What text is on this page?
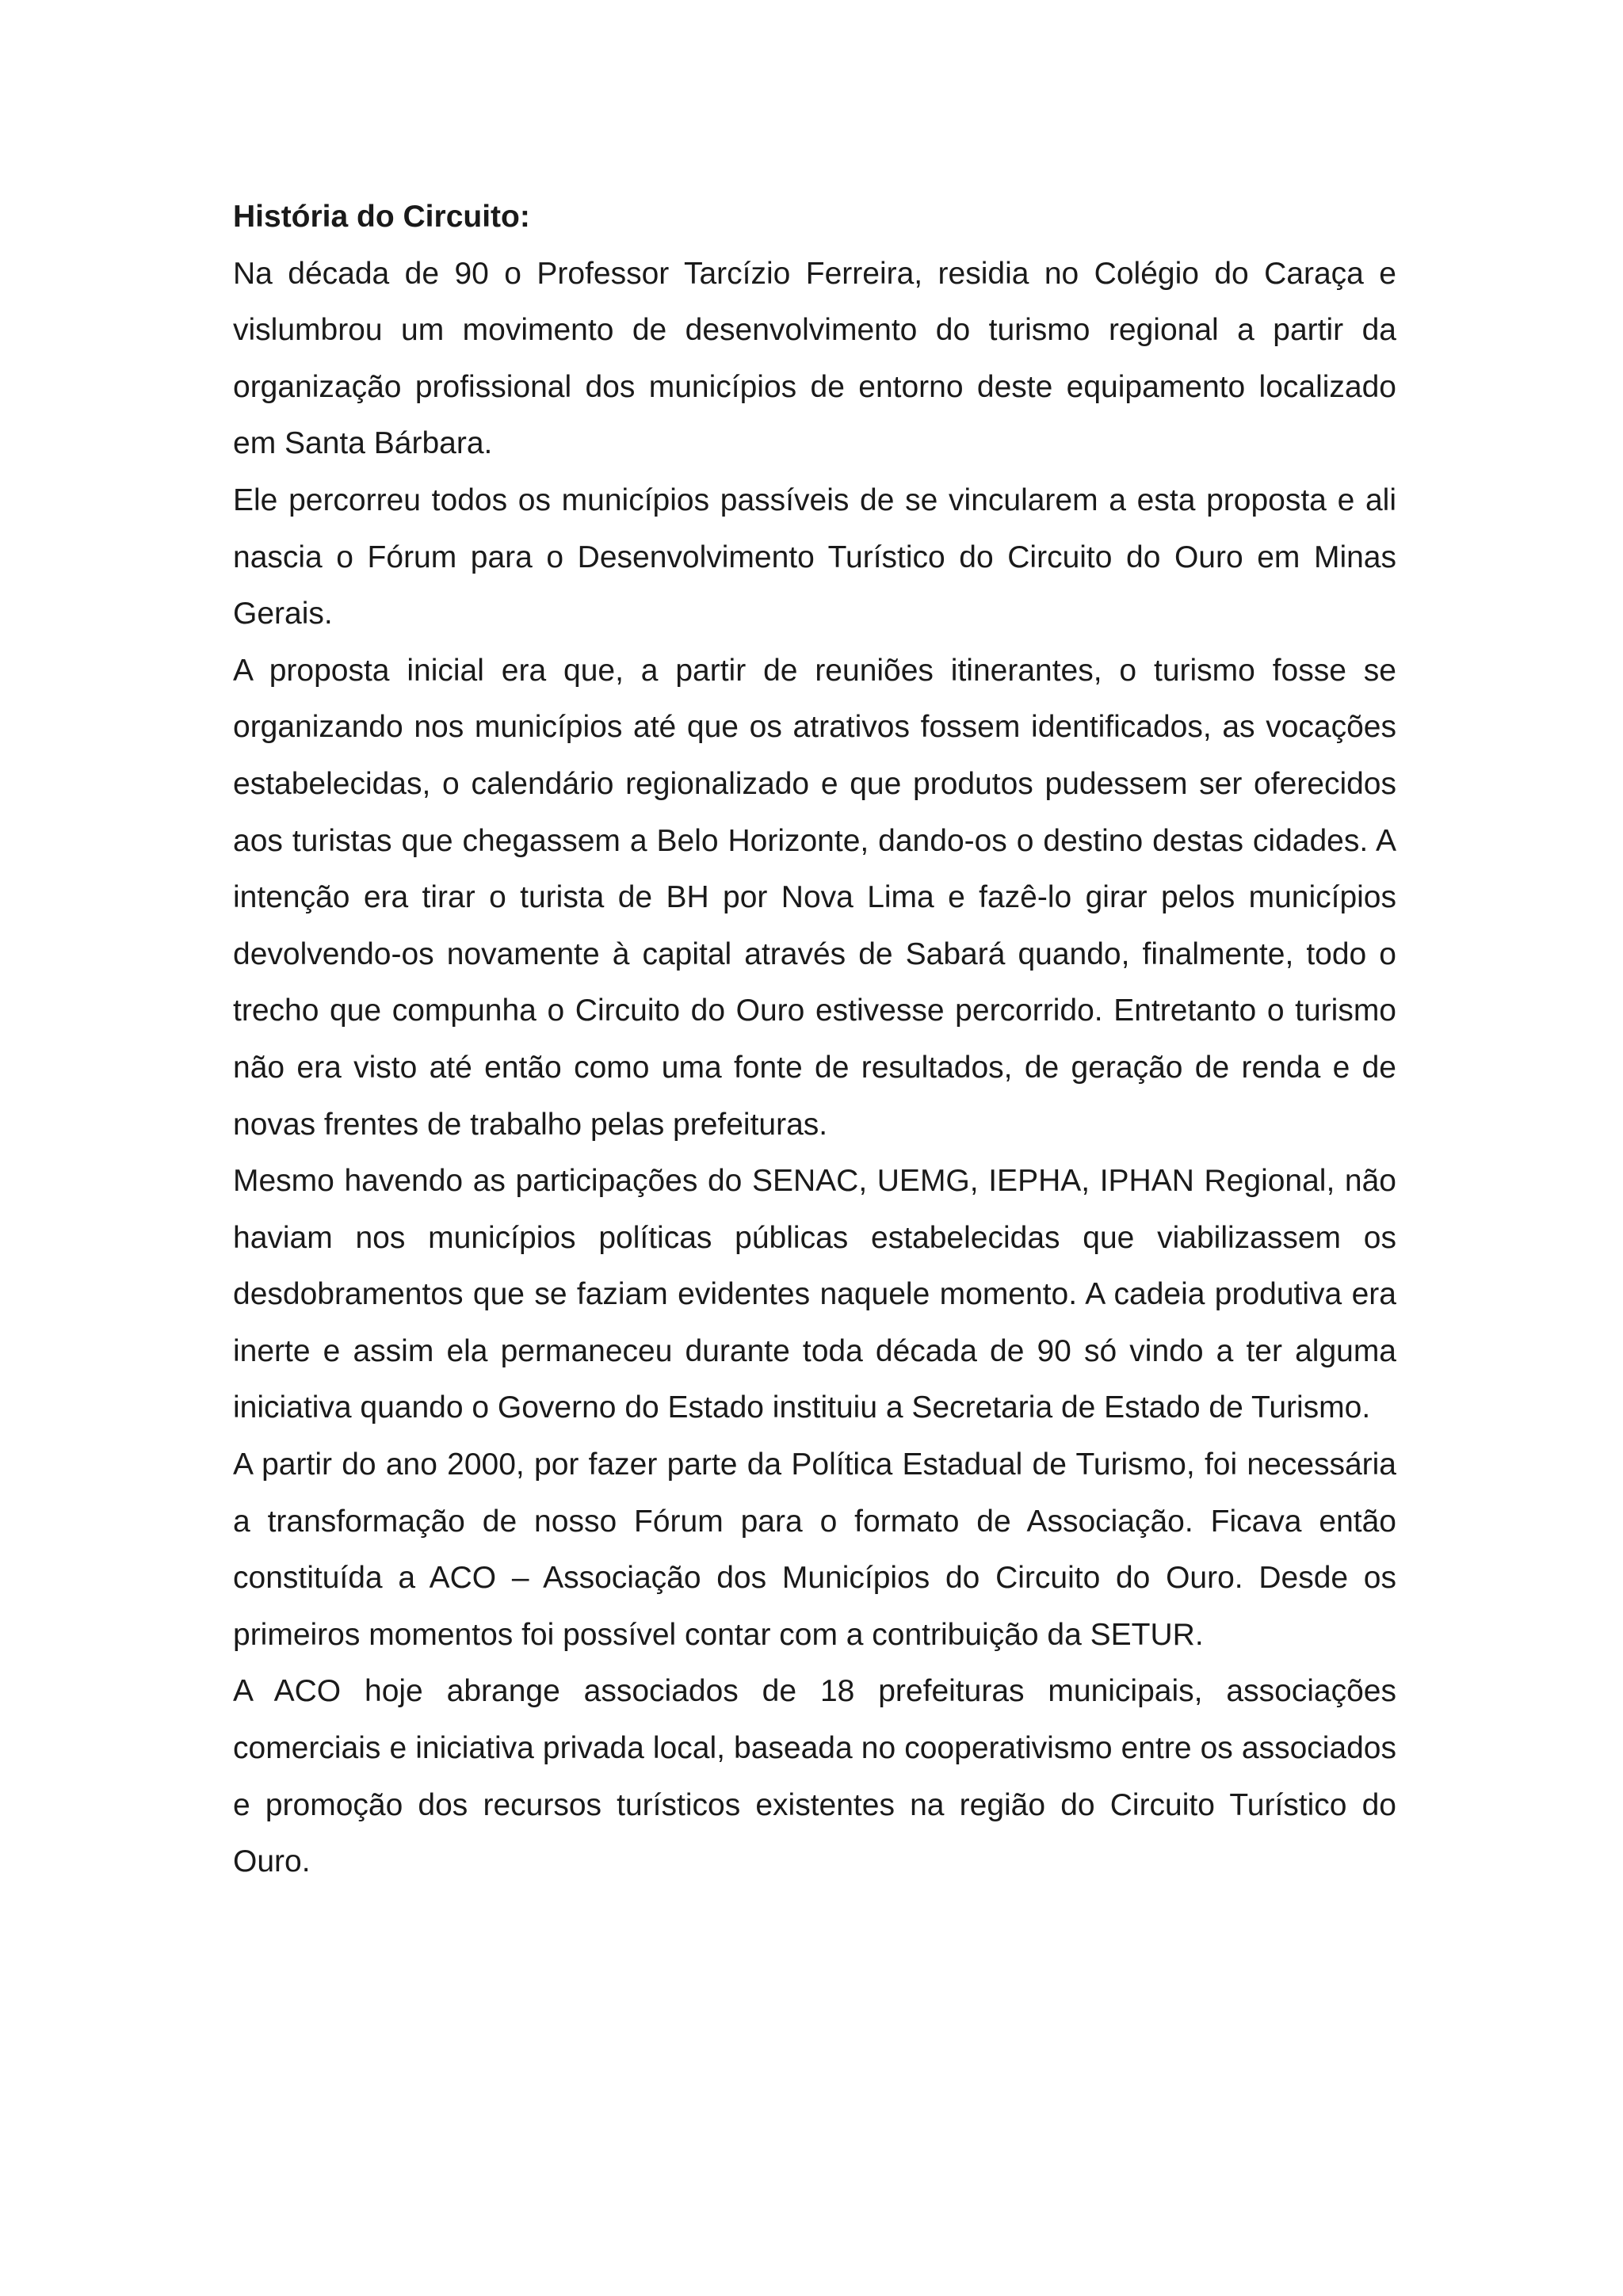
História do Circuito:

Na década de 90 o Professor Tarcízio Ferreira, residia no Colégio do Caraça e vislumbrou um movimento de desenvolvimento do turismo regional a partir da organização profissional dos municípios de entorno deste equipamento localizado em Santa Bárbara.

Ele percorreu todos os municípios passíveis de se vincularem a esta proposta e ali nascia o Fórum para o Desenvolvimento Turístico do Circuito do Ouro em Minas Gerais.

A proposta inicial era que, a partir de reuniões itinerantes, o turismo fosse se organizando nos municípios até que os atrativos fossem identificados, as vocações estabelecidas, o calendário regionalizado e que produtos pudessem ser oferecidos aos turistas que chegassem a Belo Horizonte, dando-os o destino destas cidades. A intenção era tirar o turista de BH por Nova Lima e fazê-lo girar pelos municípios devolvendo-os novamente à capital através de Sabará quando, finalmente, todo o trecho que compunha o Circuito do Ouro estivesse percorrido. Entretanto o turismo não era visto até então como uma fonte de resultados, de geração de renda e de novas frentes de trabalho pelas prefeituras.

Mesmo havendo as participações do SENAC, UEMG, IEPHA, IPHAN Regional, não haviam nos municípios políticas públicas estabelecidas que viabilizassem os desdobramentos que se faziam evidentes naquele momento. A cadeia produtiva era inerte e assim ela permaneceu durante toda década de 90 só vindo a ter alguma iniciativa quando o Governo do Estado instituiu a Secretaria de Estado de Turismo.

A partir do ano 2000, por fazer parte da Política Estadual de Turismo, foi necessária a transformação de nosso Fórum para o formato de Associação. Ficava então constituída a ACO – Associação dos Municípios do Circuito do Ouro. Desde os primeiros momentos foi possível contar com a contribuição da SETUR.

A ACO hoje abrange associados de 18 prefeituras municipais, associações comerciais e iniciativa privada local, baseada no cooperativismo entre os associados e promoção dos recursos turísticos existentes na região do Circuito Turístico do Ouro.
